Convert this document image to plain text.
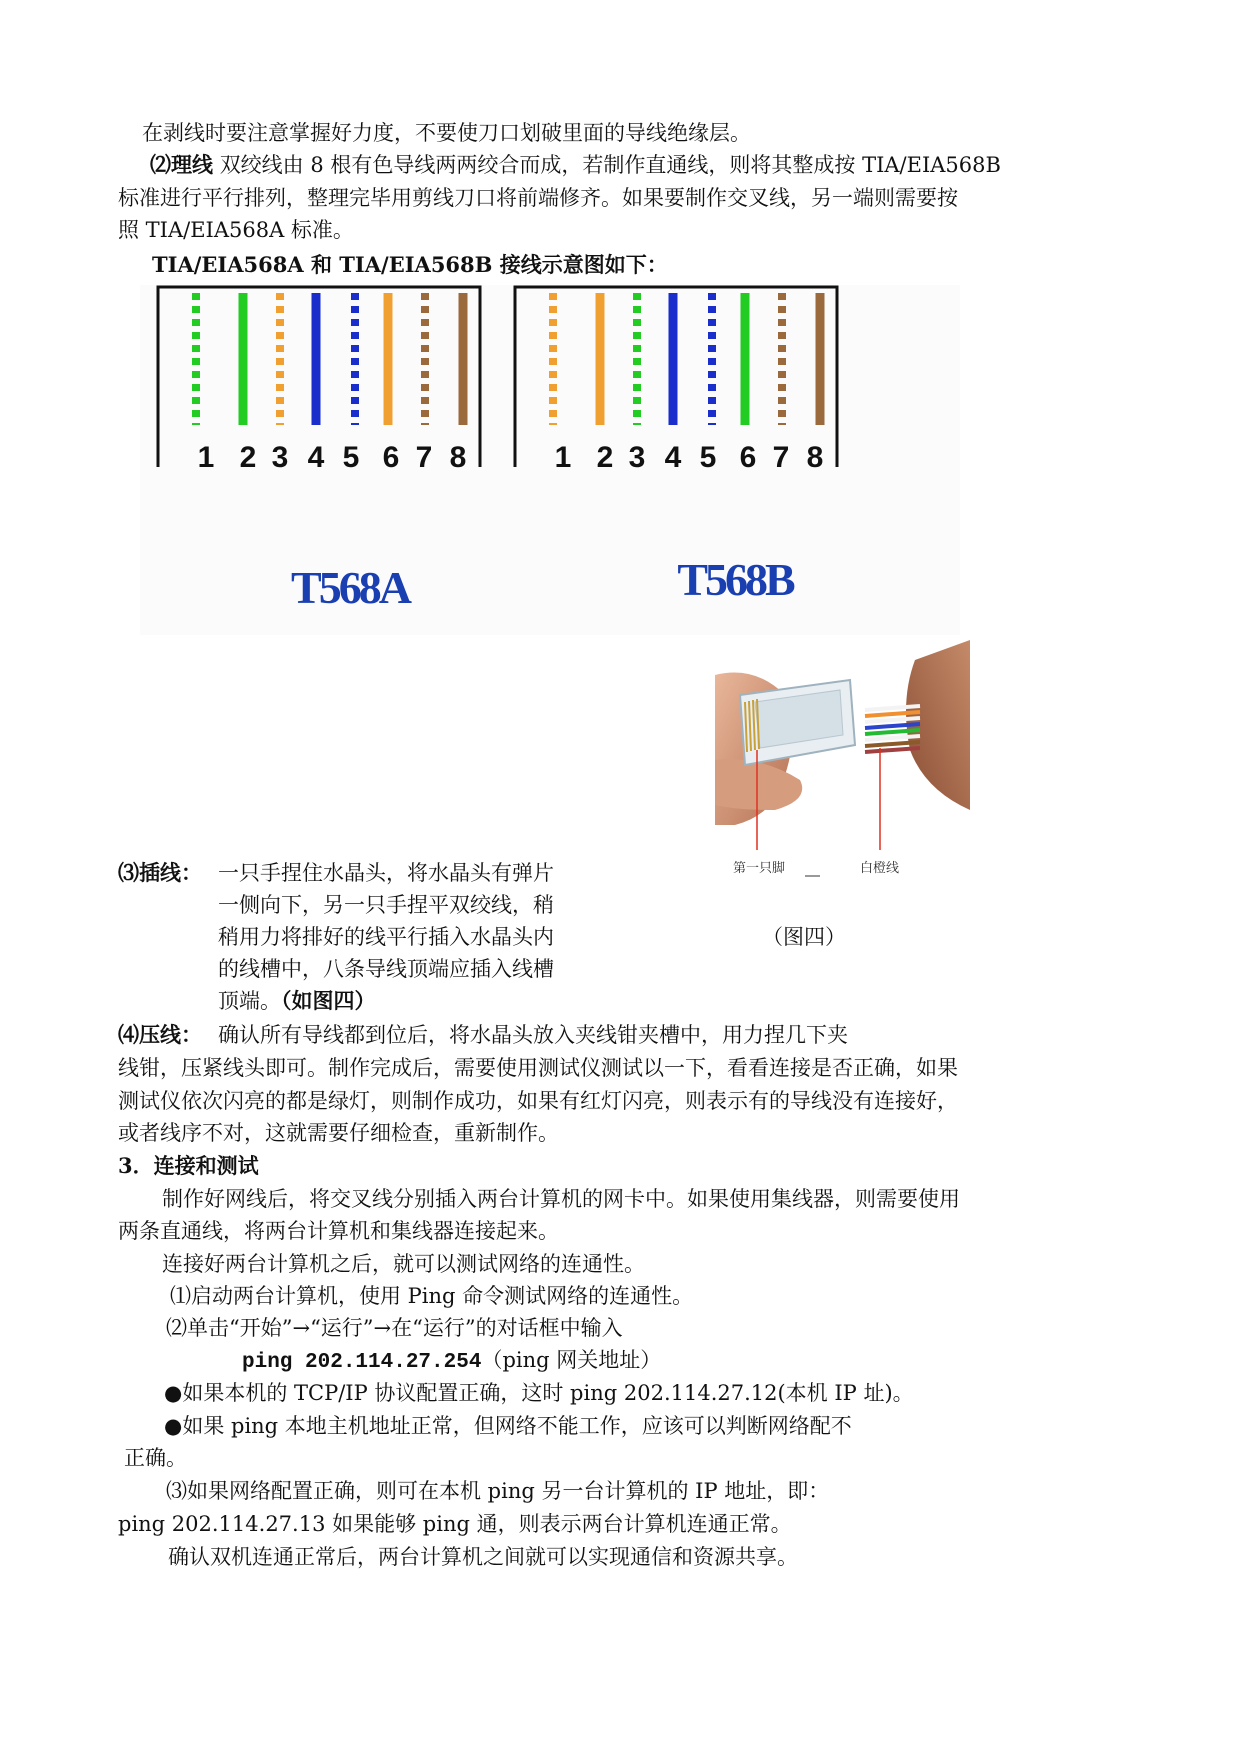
在剥线时要注意掌握好力度，不要使刀口划破里面的导线绝缘层。
⑵理线 双绞线由 8 根有色导线两两绞合而成，若制作直通线，则将其整成按 TIA/EIA568B
标准进行平行排列，整理完毕用剪线刀口将前端修齐。如果要制作交叉线，另一端则需要按
照 TIA/EIA568A 标准。
TIA/EIA568A 和 TIA/EIA568B 接线示意图如下：
1 2 3 4 5 6 7 8	1 2 3 4 5 6 7 8
T568A	T568B
第一只脚	白橙线
⑶插线： 一只手捏住水晶头，将水晶头有弹片
一侧向下，另一只手捏平双绞线，稍
稍用力将排好的线平行插入水晶头内	（图四）
的线槽中，八条导线顶端应插入线槽
顶端。（如图四）
⑷压线： 确认所有导线都到位后，将水晶头放入夹线钳夹槽中，用力捏几下夹
线钳，压紧线头即可。制作完成后，需要使用测试仪测试以一下，看看连接是否正确，如果
测试仪依次闪亮的都是绿灯，则制作成功，如果有红灯闪亮，则表示有的导线没有连接好，
或者线序不对，这就需要仔细检查，重新制作。
3．连接和测试
制作好网线后，将交叉线分别插入两台计算机的网卡中。如果使用集线器，则需要使用
两条直通线，将两台计算机和集线器连接起来。
连接好两台计算机之后，就可以测试网络的连通性。
⑴启动两台计算机，使用 Ping 命令测试网络的连通性。
⑵单击“开始”→“运行”→在“运行”的对话框中输入
ping 202.114.27.254（ping 网关地址）
●如果本机的 TCP/IP 协议配置正确，这时 ping 202.114.27.12(本机 IP 址)。
●如果 ping 本地主机地址正常，但网络不能工作，应该可以判断网络配不
正确。
⑶如果网络配置正确，则可在本机 ping 另一台计算机的 IP 地址，即：
ping 202.114.27.13 如果能够 ping 通，则表示两台计算机连通正常。
确认双机连通正常后，两台计算机之间就可以实现通信和资源共享。
